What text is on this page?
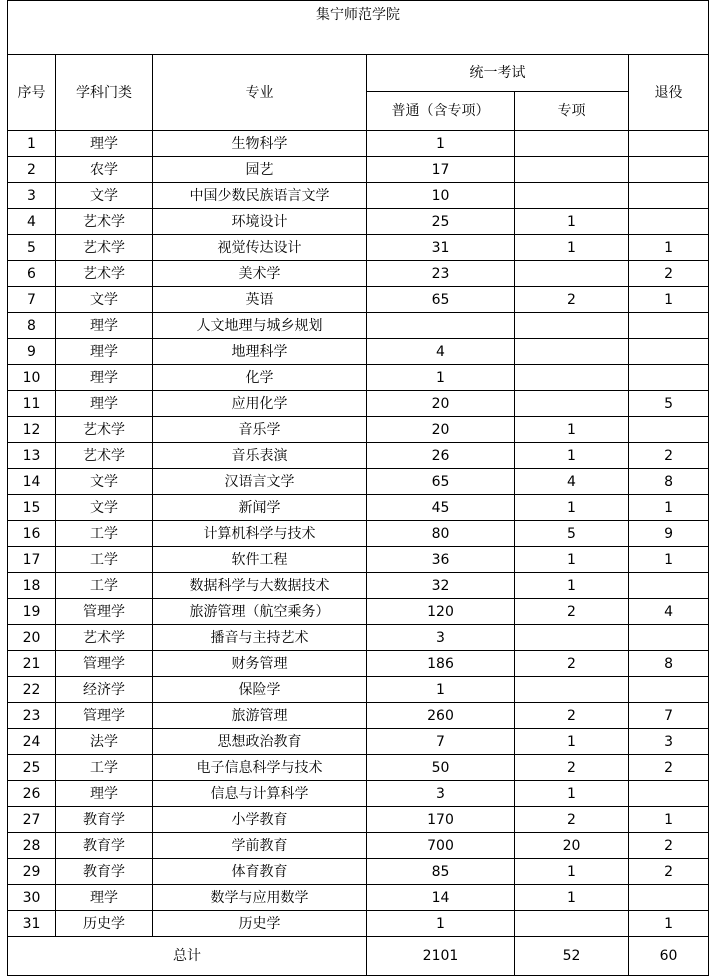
集宁师范学院					
序号	学科门类	专业	统一考试		退役
			普通（含专项）	专项	
1	理学	生物科学	1		
2	农学	园艺	17		
3	文学	中国少数民族语言文学	10		
4	艺术学	环境设计	25	1	
5	艺术学	视觉传达设计	31	1	1
6	艺术学	美术学	23		2
7	文学	英语	65	2	1
8	理学	人文地理与城乡规划			
9	理学	地理科学	4		
10	理学	化学	1		
11	理学	应用化学	20		5
12	艺术学	音乐学	20	1	
13	艺术学	音乐表演	26	1	2
14	文学	汉语言文学	65	4	8
15	文学	新闻学	45	1	1
16	工学	计算机科学与技术	80	5	9
17	工学	软件工程	36	1	1
18	工学	数据科学与大数据技术	32	1	
19	管理学	旅游管理（航空乘务）	120	2	4
20	艺术学	播音与主持艺术	3		
21	管理学	财务管理	186	2	8
22	经济学	保险学	1		
23	管理学	旅游管理	260	2	7
24	法学	思想政治教育	7	1	3
25	工学	电子信息科学与技术	50	2	2
26	理学	信息与计算科学	3	1	
27	教育学	小学教育	170	2	1
28	教育学	学前教育	700	20	2
29	教育学	体育教育	85	1	2
30	理学	数学与应用数学	14	1	
31	历史学	历史学	1		1
总计			2101	52	60
